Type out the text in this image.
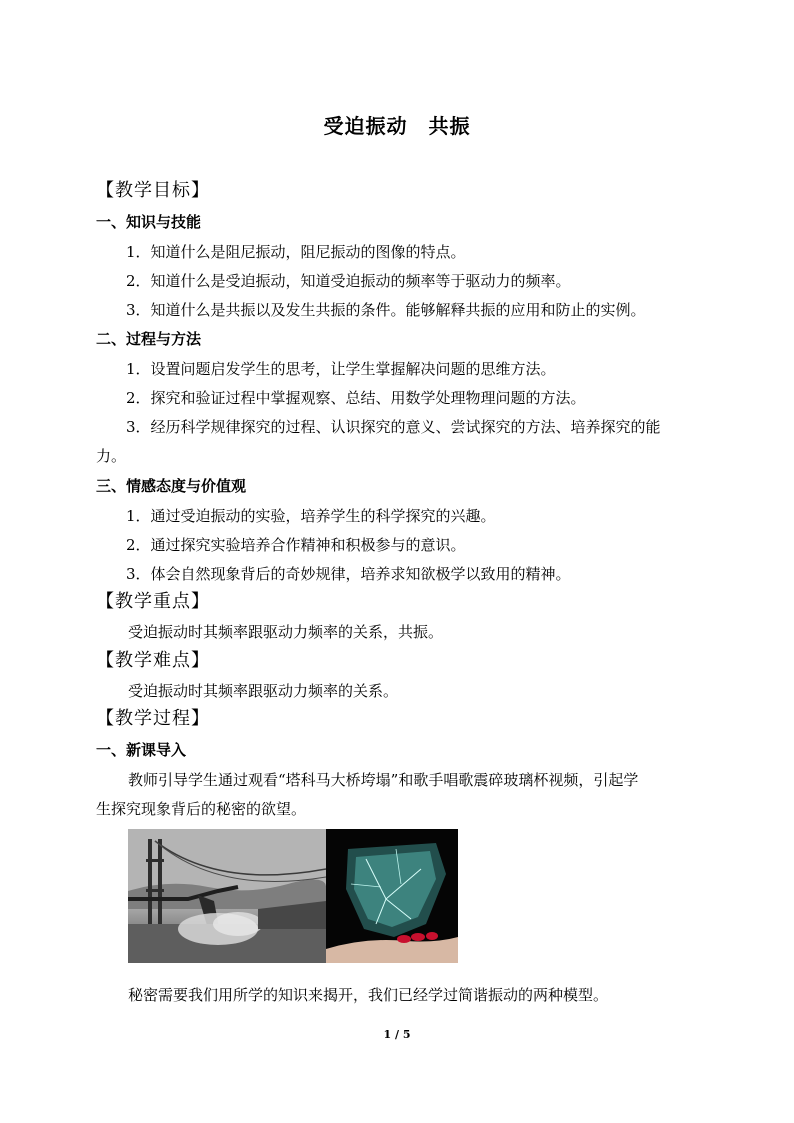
受迫振动　共振
【教学目标】
一、知识与技能
1．知道什么是阻尼振动，阻尼振动的图像的特点。
2．知道什么是受迫振动，知道受迫振动的频率等于驱动力的频率。
3．知道什么是共振以及发生共振的条件。能够解释共振的应用和防止的实例。
二、过程与方法
1．设置问题启发学生的思考，让学生掌握解决问题的思维方法。
2．探究和验证过程中掌握观察、总结、用数学处理物理问题的方法。
3．经历科学规律探究的过程、认识探究的意义、尝试探究的方法、培养探究的能
力。
三、情感态度与价值观
1．通过受迫振动的实验，培养学生的科学探究的兴趣。
2．通过探究实验培养合作精神和积极参与的意识。
3．体会自然现象背后的奇妙规律，培养求知欲极学以致用的精神。
【教学重点】
受迫振动时其频率跟驱动力频率的关系，共振。
【教学难点】
受迫振动时其频率跟驱动力频率的关系。
【教学过程】
一、新课导入
教师引导学生通过观看“塔科马大桥垮塌”和歌手唱歌震碎玻璃杯视频，引起学
生探究现象背后的秘密的欲望。
秘密需要我们用所学的知识来揭开，我们已经学过简谐振动的两种模型。
1 / 5
